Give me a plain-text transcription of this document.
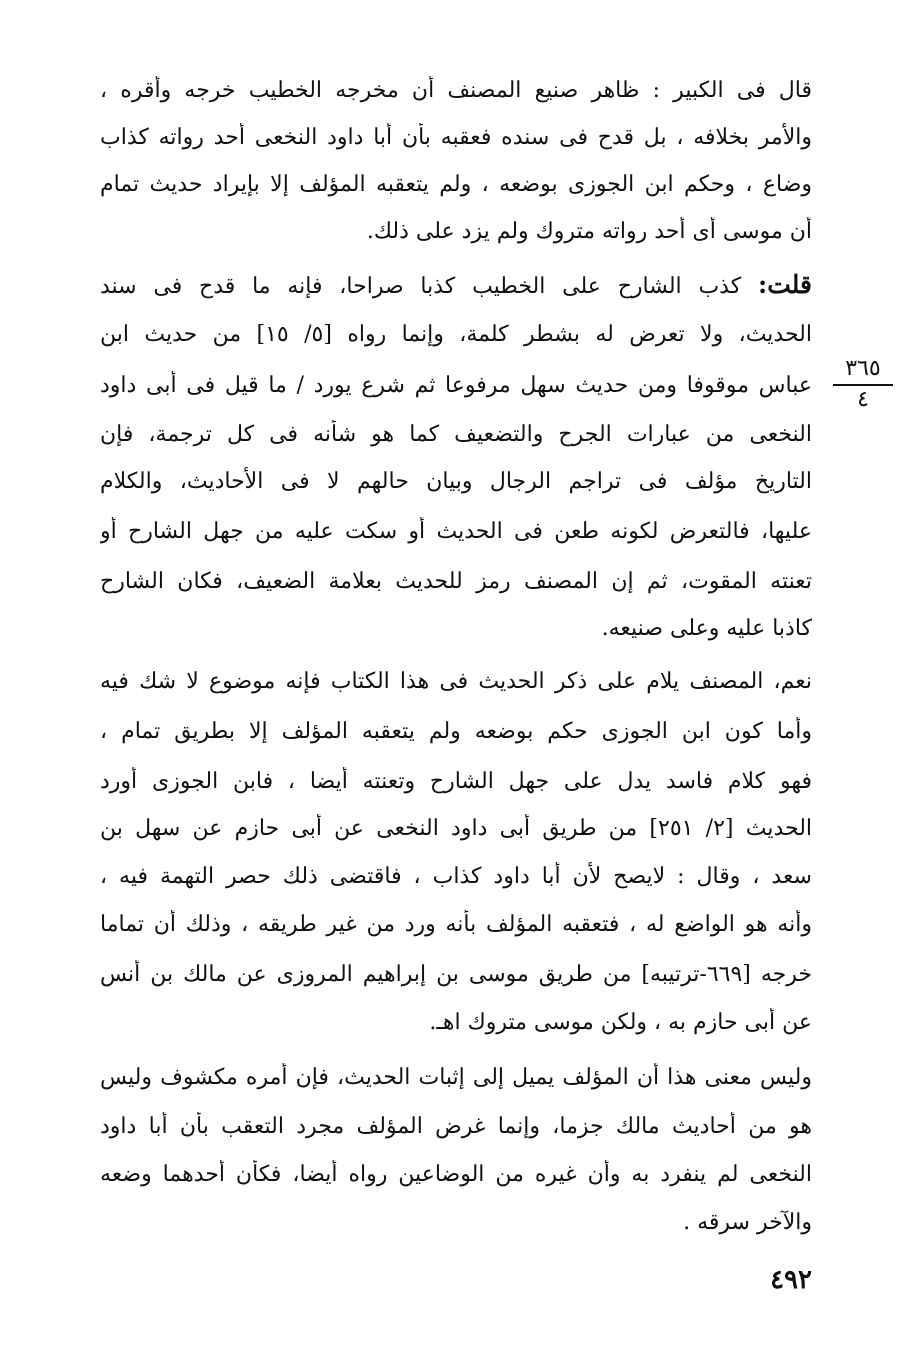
قال فى الكبير : ظاهر صنيع المصنف أن مخرجه الخطيب خرجه وأقره ،
والأمر بخلافه ، بل قدح فى سنده فعقبه بأن أبا داود النخعى أحد رواته كذاب
وضاع ، وحكم ابن الجوزى بوضعه ، ولم يتعقبه المؤلف إلا بإيراد حديث تمام
أن موسى أى أحد رواته متروك ولم يزد على ذلك.
قلت: كذب الشارح على الخطيب كذبا صراحا، فإنه ما قدح فى سند
الحديث، ولا تعرض له بشطر كلمة، وإنما رواه [٥/ ١٥] من حديث ابن
عباس موقوفا ومن حديث سهل مرفوعا ثم شرع يورد / ما قيل فى أبى داود
النخعى من عبارات الجرح والتضعيف كما هو شأنه فى كل ترجمة، فإن
التاريخ مؤلف فى تراجم الرجال وبيان حالهم لا فى الأحاديث، والكلام
عليها، فالتعرض لكونه طعن فى الحديث أو سكت عليه من جهل الشارح أو
تعنته المقوت، ثم إن المصنف رمز للحديث بعلامة الضعيف، فكان الشارح
كاذبا عليه وعلى صنيعه.
نعم، المصنف يلام على ذكر الحديث فى هذا الكتاب فإنه موضوع لا شك فيه
وأما كون ابن الجوزى حكم بوضعه ولم يتعقبه المؤلف إلا بطريق تمام ،
فهو كلام فاسد يدل على جهل الشارح وتعنته أيضا ، فابن الجوزى أورد
الحديث [٢/ ٢٥١] من طريق أبى داود النخعى عن أبى حازم عن سهل بن
سعد ، وقال : لايصح لأن أبا داود كذاب ، فاقتضى ذلك حصر التهمة فيه ،
وأنه هو الواضع له ، فتعقبه المؤلف بأنه ورد من غير طريقه ، وذلك أن تماما
خرجه [٦٦٩-ترتيبه] من طريق موسى بن إبراهيم المروزى عن مالك بن أنس
عن أبى حازم به ، ولكن موسى متروك اهـ.
وليس معنى هذا أن المؤلف يميل إلى إثبات الحديث، فإن أمره مكشوف وليس
هو من أحاديث مالك جزما، وإنما غرض المؤلف مجرد التعقب بأن أبا داود
النخعى لم ينفرد به وأن غيره من الوضاعين رواه أيضا، فكأن أحدهما وضعه
والآخر سرقه .
٣٦٥
٤
٤٩٢
